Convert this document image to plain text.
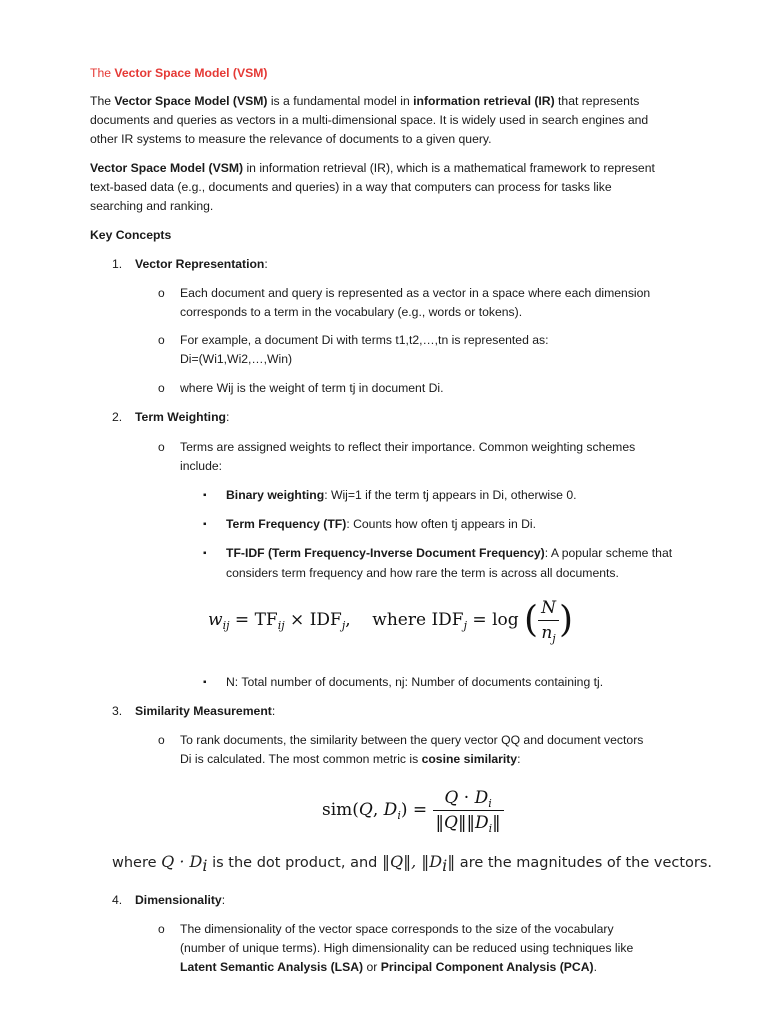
The Vector Space Model (VSM)
The Vector Space Model (VSM) is a fundamental model in information retrieval (IR) that represents
documents and queries as vectors in a multi-dimensional space. It is widely used in search engines and
other IR systems to measure the relevance of documents to a given query.
Vector Space Model (VSM) in information retrieval (IR), which is a mathematical framework to represent
text-based data (e.g., documents and queries) in a way that computers can process for tasks like
searching and ranking.
Key Concepts
1. Vector Representation:
o Each document and query is represented as a vector in a space where each dimension
corresponds to a term in the vocabulary (e.g., words or tokens).
o For example, a document Di with terms t1,t2,…,tn is represented as:
Di=(Wi1,Wi2,…,Win)
o where Wij is the weight of term tj in document Di.
2. Term Weighting:
o Terms are assigned weights to reflect their importance. Common weighting schemes
include:
▪ Binary weighting: Wij=1 if the term tj appears in Di, otherwise 0.
▪ Term Frequency (TF): Counts how often tj appears in Di.
▪ TF-IDF (Term Frequency-Inverse Document Frequency): A popular scheme that
considers term frequency and how rare the term is across all documents.
$w_{ij} = TF_{ij} \times IDF_j$, where $IDF_j = \log$ ( $\frac{N}{n_j}$ )
▪ N: Total number of documents, nj: Number of documents containing tj.
3. Similarity Measurement:
o To rank documents, the similarity between the query vector QQ and document vectors
Di is calculated. The most common metric is cosine similarity:
sim(Q, $D_i) = \frac{Q \cdot D_i}{‖Q‖‖D_i‖}$
where $Q \cdot D_i$ is the dot product, and ‖Q‖, $‖D_i‖$ are the magnitudes of the vectors.
4. Dimensionality:
o The dimensionality of the vector space corresponds to the size of the vocabulary
(number of unique terms). High dimensionality can be reduced using techniques like
Latent Semantic Analysis (LSA) or Principal Component Analysis (PCA).
